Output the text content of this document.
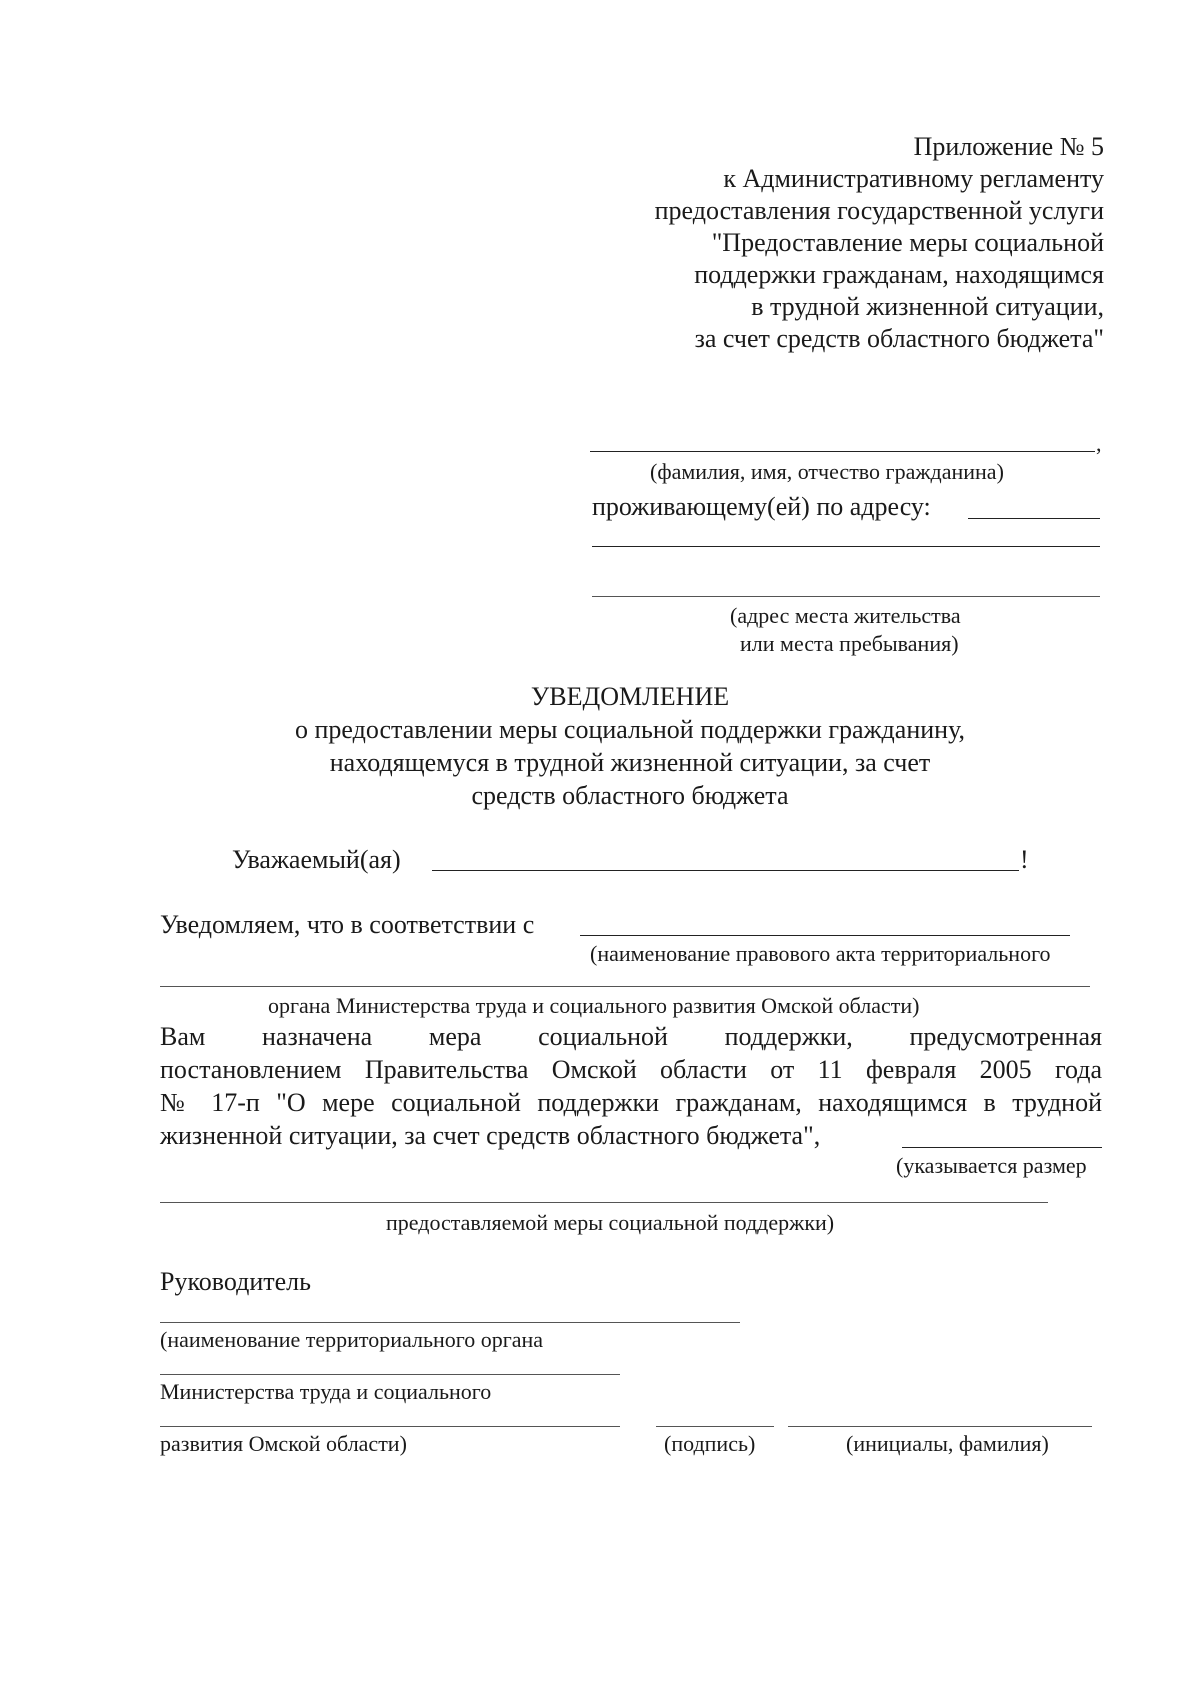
Приложение № 5
к Административному регламенту
предоставления государственной услуги
"Предоставление меры социальной
поддержки гражданам, находящимся
в трудной жизненной ситуации,
за счет средств областного бюджета"
,
(фамилия, имя, отчество гражданина)
проживающему(ей) по адресу:
(адрес места жительства
или места пребывания)
УВЕДОМЛЕНИЕ
о предоставлении меры социальной поддержки гражданину,
находящемуся в трудной жизненной ситуации, за счет
средств областного бюджета
Уважаемый(ая)	!
Уведомляем, что в соответствии с
(наименование правового акта территориального
органа Министерства труда и социального развития Омской области)
Вам назначена мера социальной поддержки, предусмотренная
постановлением Правительства Омской области от 11 февраля 2005 года
№ 17-п "О мере социальной поддержки гражданам, находящимся в трудной
жизненной ситуации, за счет средств областного бюджета",
(указывается размер
предоставляемой меры социальной поддержки)
Руководитель
(наименование территориального органа
Министерства труда и социального
развития Омской области)	(подпись)	(инициалы, фамилия)
